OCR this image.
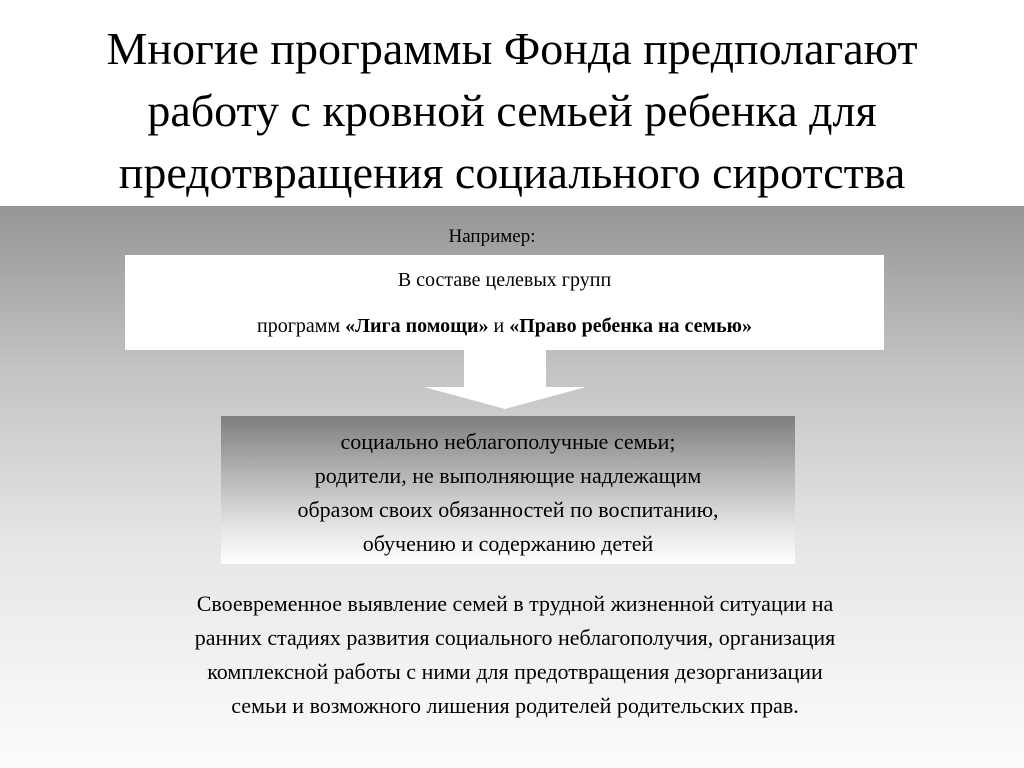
Многие программы Фонда предполагают
работу с кровной семьей ребенка для
предотвращения социального сиротства
Например:
В составе целевых групп
программ «Лига помощи» и «Право ребенка на семью»
социально неблагополучные семьи;
родители, не выполняющие надлежащим
образом своих обязанностей по воспитанию,
обучению и содержанию детей
Своевременное выявление семей в трудной жизненной ситуации на
ранних стадиях развития социального неблагополучия, организация
комплексной работы с ними для предотвращения дезорганизации
семьи и возможного лишения родителей родительских прав.
